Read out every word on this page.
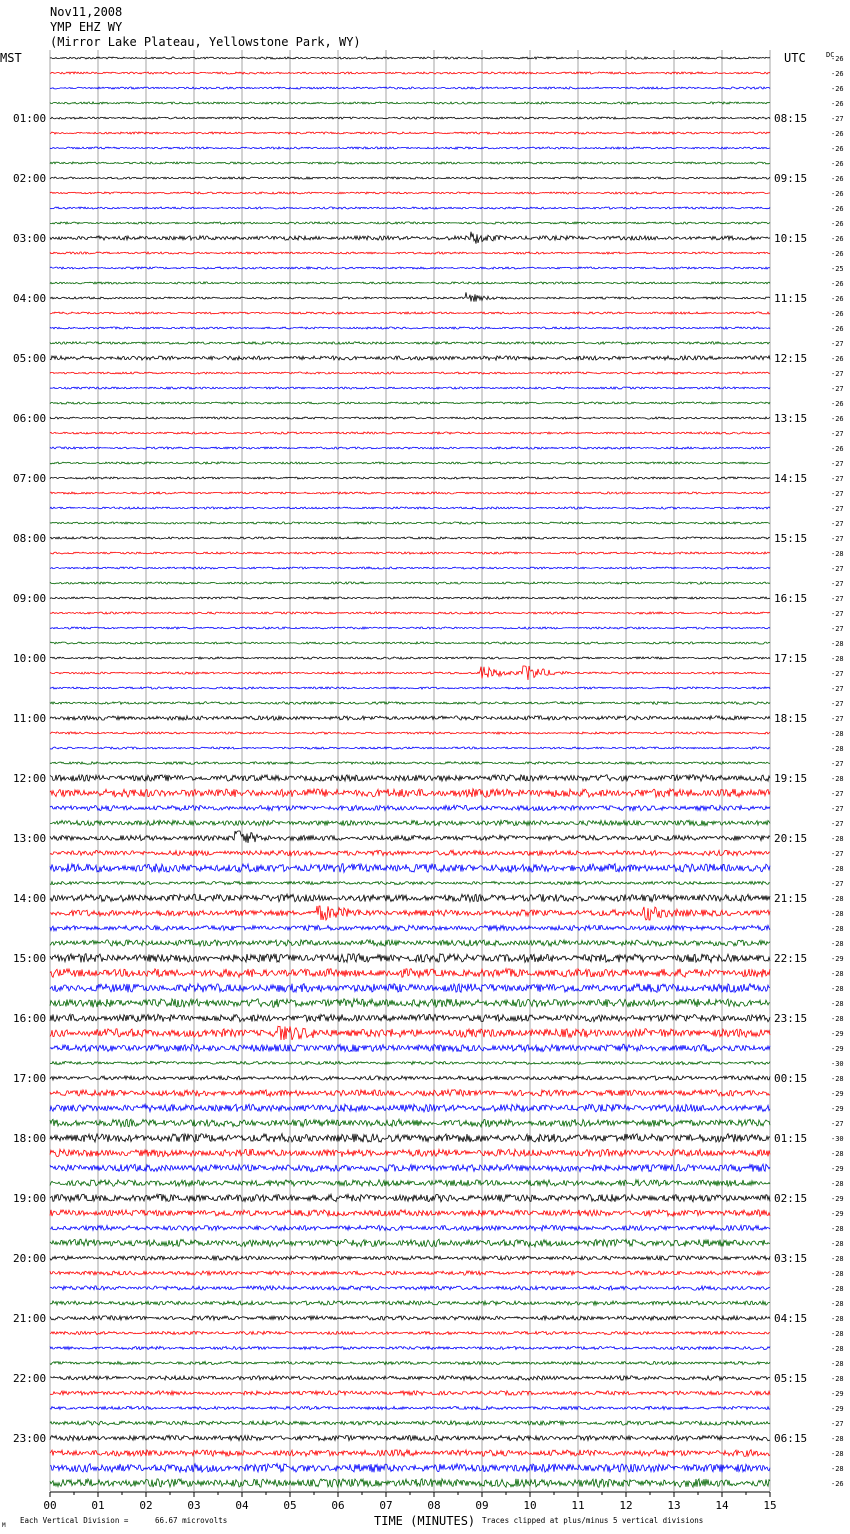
Nov11,2008
YMP EHZ WY
(Mirror Lake Plateau, Yellowstone Park, WY)
MST	UTC	DC
01:00	08:15
02:00	09:15
03:00	10:15
04:00	11:15
05:00	12:15
06:00	13:15
07:00	14:15
08:00	15:15
09:00	16:15
10:00	17:15
11:00	18:15
12:00	19:15
13:00	20:15
14:00	21:15
15:00	22:15
16:00	23:15
17:00	00:15
18:00	01:15
19:00	02:15
20:00	03:15
21:00	04:15
22:00	05:15
23:00	06:15
-26
-26
-26
-26
-27
-26
-26
-26
-26
-26
-26
-26
-26
-26
-25
-26
-26
-26
-26
-27
-26
-27
-27
-26
-26
-27
-26
-27
-27
-27
-27
-27
-27
-28
-27
-27
-27
-27
-27
-28
-28
-27
-27
-27
-27
-28
-28
-27
-28
-27
-27
-27
-28
-27
-28
-27
-28
-28
-28
-28
-29
-28
-28
-28
-28
-29
-29
-30
-28
-29
-29
-27
-30
-28
-29
-28
-29
-29
-28
-28
-28
-28
-28
-28
-28
-28
-28
-28
-28
-29
-29
-27
-28
-28
-28
-26
00	01	02	03	04	05	06	07	08	09	10	11	12	13	14	15
TIME (MINUTES)
M
Each Vertical Division =	66.67 microvolts	Traces clipped at plus/minus 5 vertical divisions
